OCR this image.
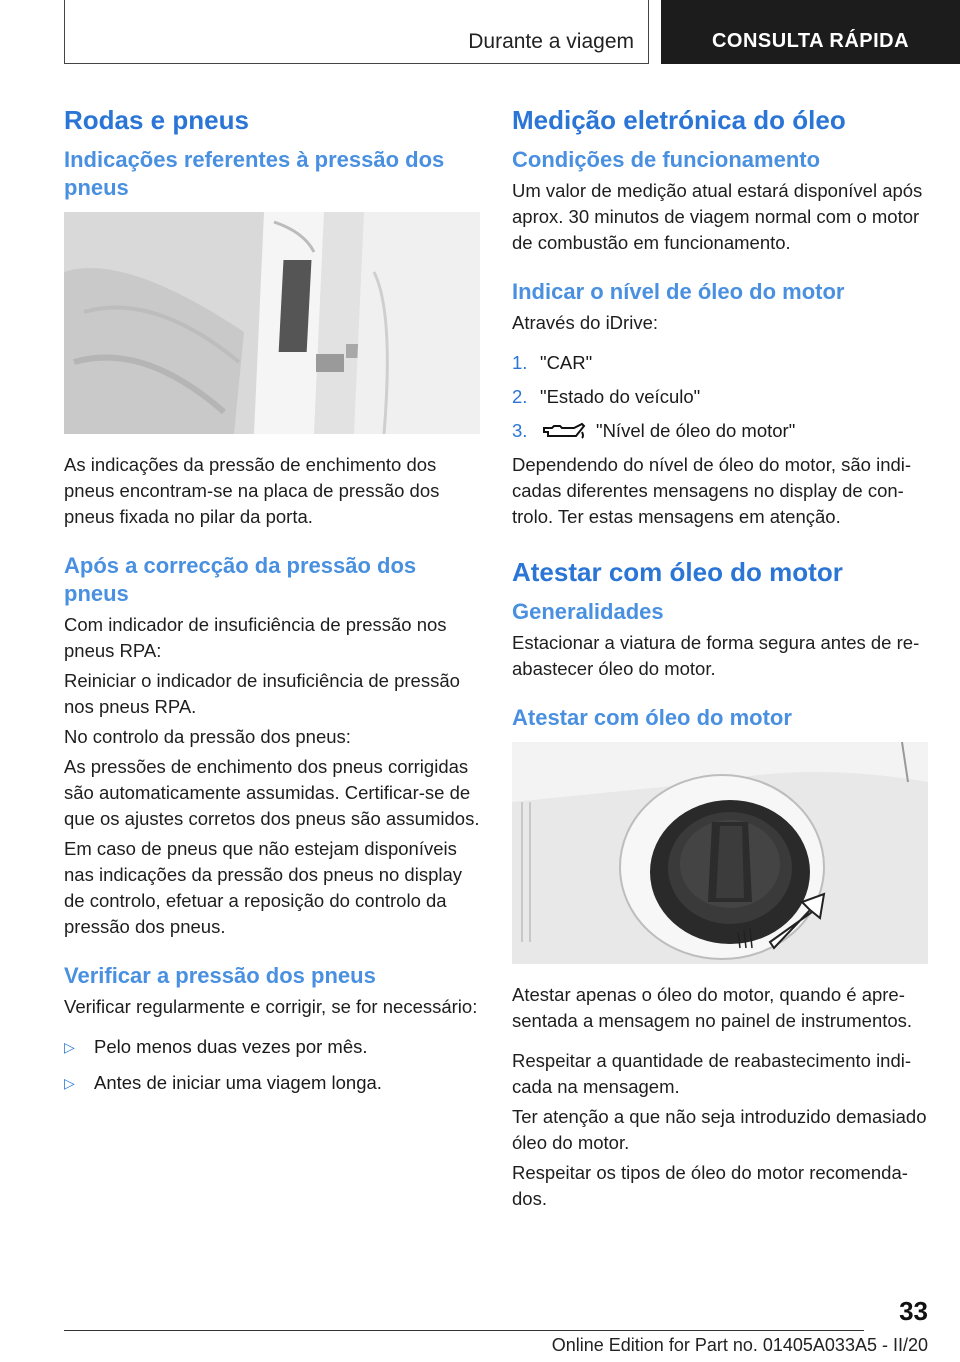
Durante a viagem	CONSULTA RÁPIDA
Rodas e pneus
Indicações referentes à pressão dos pneus

As indicações da pressão de enchimento dos pneus encontram-se na placa de pressão dos pneus fixada no pilar da porta.

Após a correcção da pressão dos pneus

Com indicador de insuficiência de pressão nos pneus RPA:

Reiniciar o indicador de insuficiência de pressão nos pneus RPA.

No controlo da pressão dos pneus:

As pressões de enchimento dos pneus corrigidas são automaticamente assumidas. Certificar-se de que os ajustes corretos dos pneus são assumidos.

Em caso de pneus que não estejam disponíveis nas indicações da pressão dos pneus no display de controlo, efetuar a reposição do controlo da pressão dos pneus.

Verificar a pressão dos pneus

Verificar regularmente e corrigir, se for necessário:

▷	Pelo menos duas vezes por mês.
▷	Antes de iniciar uma viagem longa.
Medição eletrónica do óleo
Condições de funcionamento

Um valor de medição atual estará disponível após aprox. 30 minutos de viagem normal com o motor de combustão em funcionamento.

Indicar o nível de óleo do motor

Através do iDrive:

1. "CAR"
2. "Estado do veículo"
3.	"Nível de óleo do motor"

Dependendo do nível de óleo do motor, são indicadas diferentes mensagens no display de controlo. Ter estas mensagens em atenção.

Atestar com óleo do motor
Generalidades

Estacionar a viatura de forma segura antes de reabastecer óleo do motor.

Atestar com óleo do motor

Atestar apenas o óleo do motor, quando é apresentada a mensagem no painel de instrumentos.

Respeitar a quantidade de reabastecimento indicada na mensagem.

Ter atenção a que não seja introduzido demasiado óleo do motor.

Respeitar os tipos de óleo do motor recomendados.

33
Online Edition for Part no. 01405A033A5 - II/20
